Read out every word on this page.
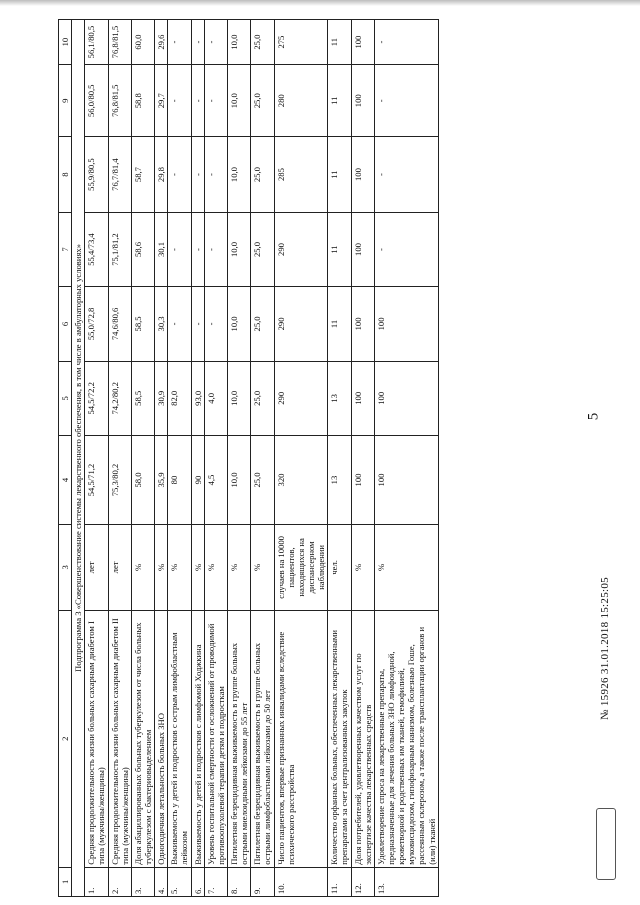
5
1	2	3	4	5	6	7	8	9	10
Подпрограмма 3 «Совершенствование системы лекарственного обеспечения, в том числе в амбулаторных условиях»									
1.	Средняя продолжительность жизни больных сахарным диабетом I типа (мужчины/женщины)	лет	54,5/71,2	54,5/72,2	55,0/72,8	55,4/73,4	55,9/80,5	56,0/80,5	56,1/80,5
2.	Средняя продолжительность жизни больных сахарным диабетом II типа (мужчины/женщины)	лет	75,3/80,2	74,2/80,2	74,6/80,6	75,1/81,2	76,7/81,4	76,8/81,5	76,8/81,5
3.	Доля абациллированных больных туберкулезом от числа больных туберкулезом с бактериовыделением	%	58,0	58,5	58,5	58,6	58,7	58,8	60,0
4.	Одногодичная летальность больных ЗНО	%	35,9	30,9	30,3	30,1	29,8	29,7	29,6
5.	Выживаемость у детей и подростков с острым лимфобластным лейкозом	%	80	82,0	-	-	-	-	-
6.	Выживаемость у детей и подростков с лимфомой Ходжкина	%	90	93,0	-	-	-	-	-
7.	Уровень госпитальной смертности от осложнений от проводимой противоопухолевой терапии детям и подросткам	%	4,5	4,0	-	-	-	-	-
8.	Пятилетняя безрецидивная выживаемость в группе больных острыми миелоидными лейкозами до 55 лет	%	10,0	10,0	10,0	10,0	10,0	10,0	10,0
9.	Пятилетняя безрецидивная выживаемость в группе больных острыми лимфобластными лейкозами до 50 лет	%	25,0	25,0	25,0	25,0	25,0	25,0	25,0
10.	Число пациентов, впервые признанных инвалидами вследствие психического расстройства	случаев на 10000 пациентов, находящихся на диспансерном наблюдении	320	290	290	290	285	280	275
11.	Количество орфанных больных, обеспеченных лекарственными препаратами за счет централизованных закупок	чел.	13	13	11	11	11	11	11
12.	Доля потребителей, удовлетворенных качеством услуг по экспертизе качества лекарственных средств	%	100	100	100	100	100	100	100
13.	Удовлетворение спроса на лекарственные препараты, предназначенные для лечения больных ЗНО лимфоидной, кроветворной и родственных им тканей, гемофилией, муковисцидозом, гипофизарным нанизмом, болезнью Гоше, рассеянным склерозом, а также после трансплантации органов и (или) тканей	%	100	100	100	-	-	-	-
№ 15926 31.01.2018 15:25:05
